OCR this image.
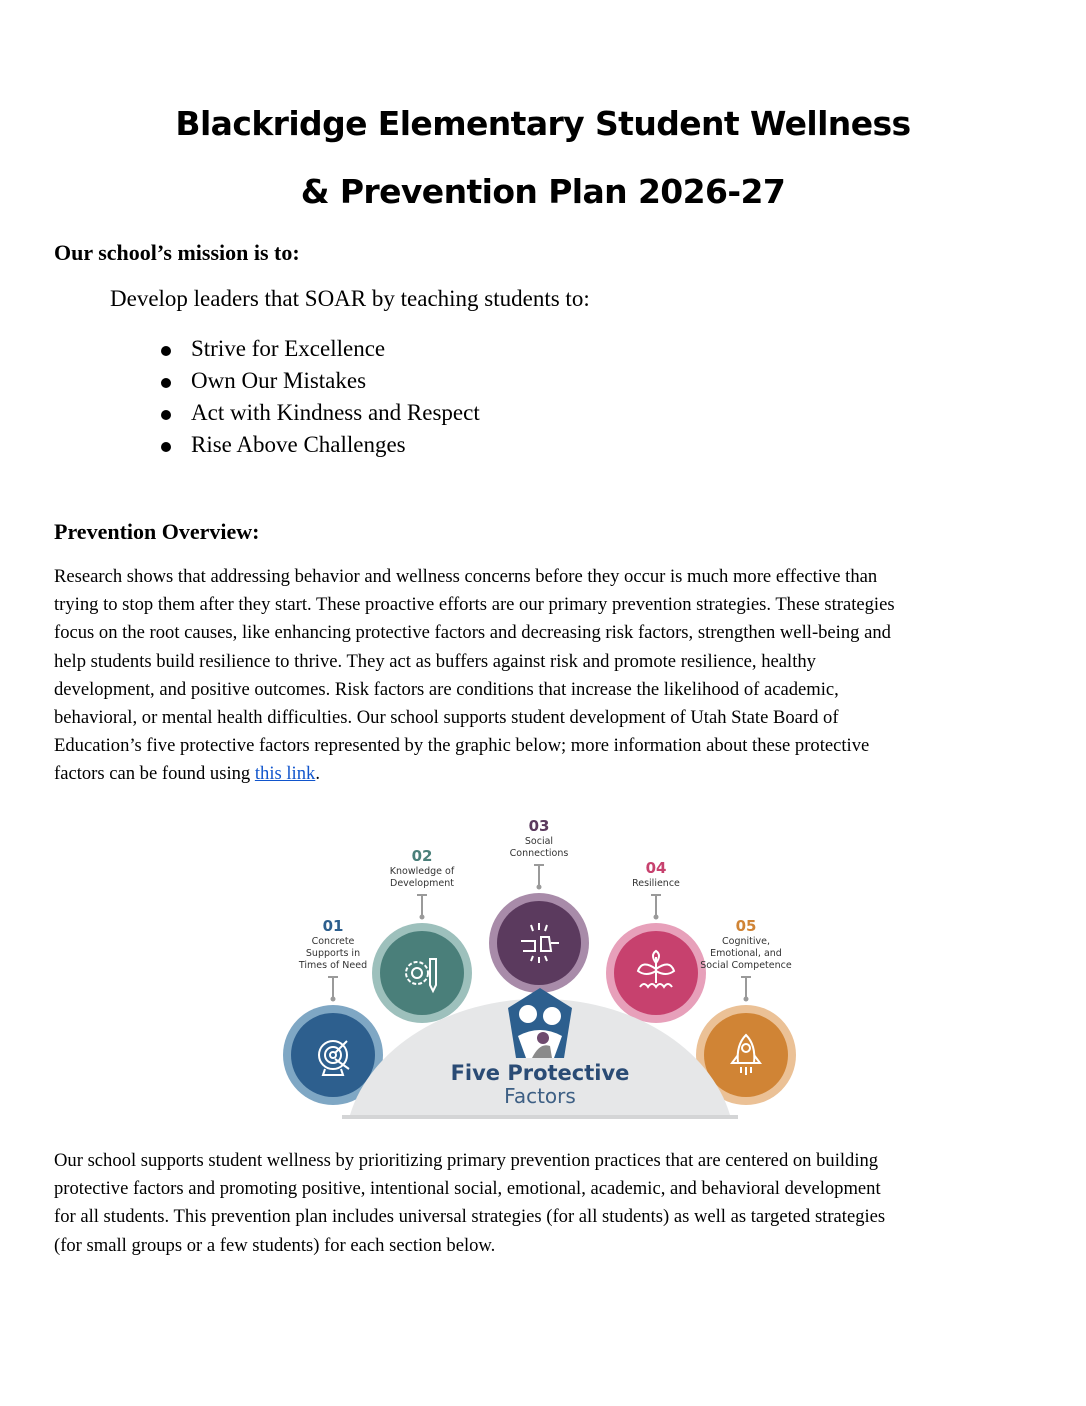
Blackridge Elementary Student Wellness
& Prevention Plan 2026-27
Our school’s mission is to:
Develop leaders that SOAR by teaching students to:
Strive for Excellence
Own Our Mistakes
Act with Kindness and Respect
Rise Above Challenges
Prevention Overview:
Research shows that addressing behavior and wellness concerns before they occur is much more effective than
trying to stop them after they start. These proactive efforts are our primary prevention strategies. These strategies
focus on the root causes, like enhancing protective factors and decreasing risk factors, strengthen well-being and
help students build resilience to thrive. They act as buffers against risk and promote resilience, healthy
development, and positive outcomes. Risk factors are conditions that increase the likelihood of academic,
behavioral, or mental health difficulties. Our school supports student development of Utah State Board of
Education’s five protective factors represented by the graphic below; more information about these protective
factors can be found using this link.
01
Concrete
Supports in
Times of Need
02
Knowledge of
Development
03
Social
Connections
04
Resilience
05
Cognitive,
Emotional, and
Social Competence
Five Protective
Factors
Our school supports student wellness by prioritizing primary prevention practices that are centered on building
protective factors and promoting positive, intentional social, emotional, academic, and behavioral development
for all students. This prevention plan includes universal strategies (for all students) as well as targeted strategies
(for small groups or a few students) for each section below.
